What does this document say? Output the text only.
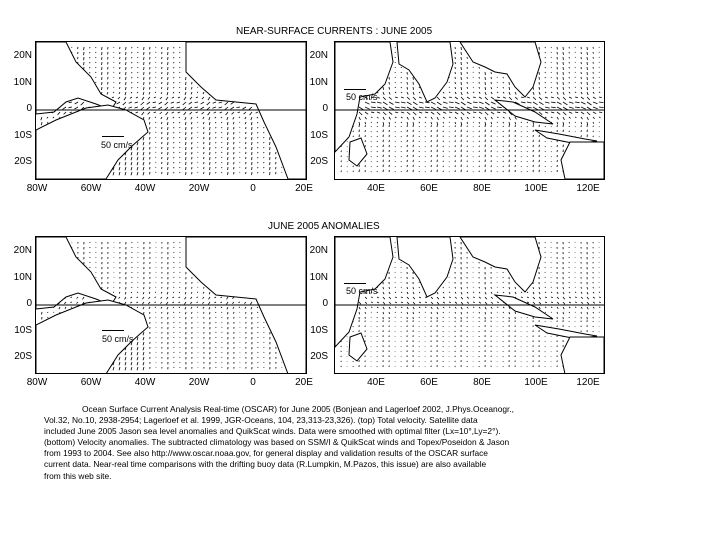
NEAR-SURFACE CURRENTS : JUNE 2005
JUNE 2005 ANOMALIES
20N
10N
0
10S
20S
50 cm/s
80W	60W	40W	20W	0	20E
20N
10N
0
10S
20S
50 cm/s
40E	60E	80E	100E	120E
20N
10N
0
10S
20S
50 cm/s
80W	60W	40W	20W	0	20E
20N
10N
0
10S
20S
50 cm/s
40E	60E	80E	100E	120E

Ocean Surface Current Analysis Real-time (OSCAR) for June 2005 (Bonjean and Lagerloef 2002, J.Phys.Oceanogr.,

Vol.32, No.10, 2938-2954; Lagerloef et al. 1999, JGR-Oceans, 104, 23,313-23,326). (top) Total velocity. Satellite data

included June 2005 Jason sea level anomalies and QuikScat winds. Data were smoothed with optimal filter (Lx=10°,Ly=2°).

(bottom) Velocity anomalies. The subtracted climatology was based on SSM/I & QuikScat winds and Topex/Poseidon & Jason

from 1993 to 2004. See also http://www.oscar.noaa.gov, for general display and validation results of the OSCAR surface

current data. Near-real time comparisons with the drifting buoy data (R.Lumpkin, M.Pazos, this issue) are also available

from this web site.
